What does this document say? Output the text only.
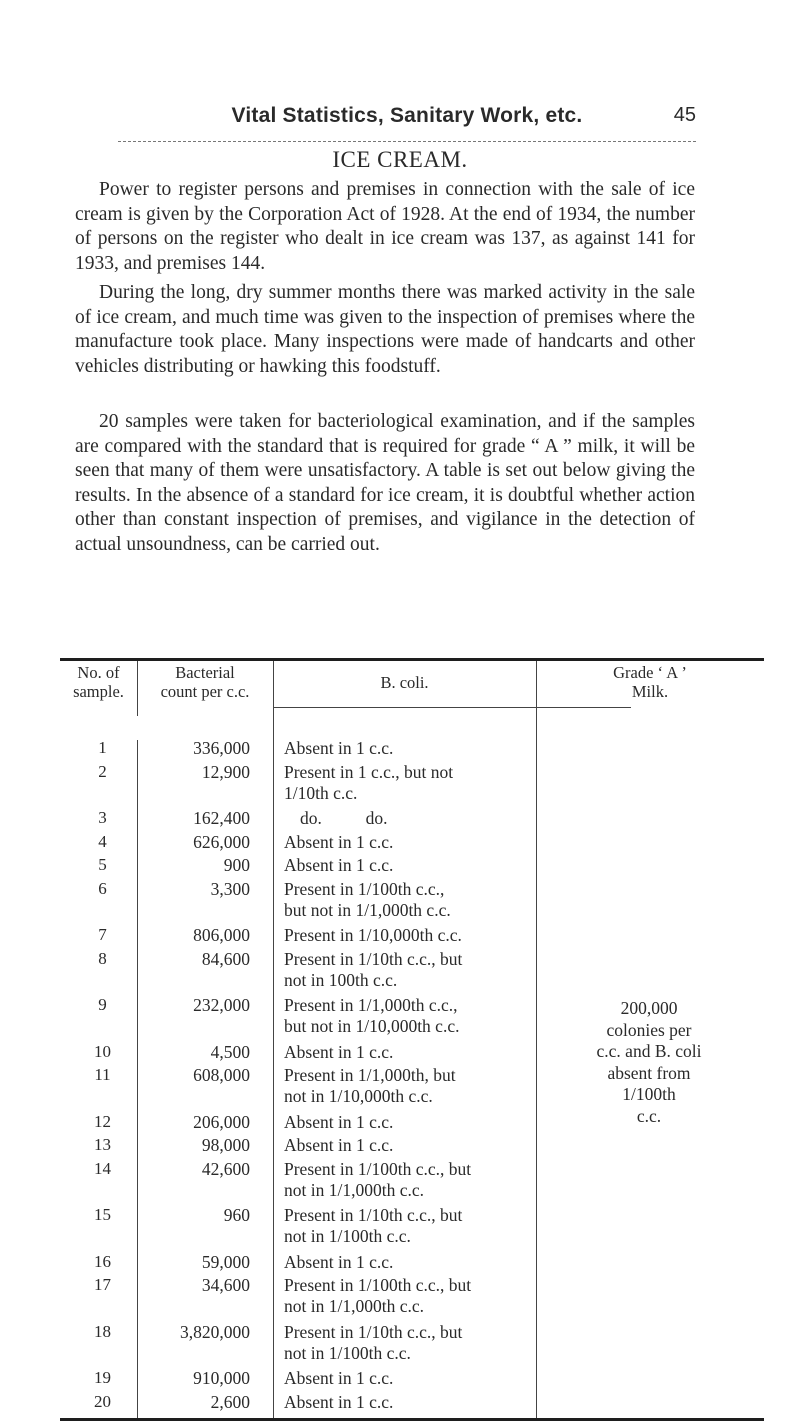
Vital Statistics, Sanitary Work, etc.	45
ICE CREAM.

Power to register persons and premises in connection with the sale of ice cream is given by the Corporation Act of 1928. At the end of 1934, the number of persons on the register who dealt in ice cream was 137, as against 141 for 1933, and premises 144.

During the long, dry summer months there was marked activity in the sale of ice cream, and much time was given to the inspection of premises where the manufacture took place. Many inspections were made of handcarts and other vehicles distributing or hawking this foodstuff.

20 samples were taken for bacteriological examination, and if the samples are compared with the standard that is required for grade “ A ” milk, it will be seen that many of them were unsatisfactory. A table is set out below giving the results. In the absence of a standard for ice cream, it is doubtful whether action other than constant inspection of premises, and vigilance in the detection of actual unsoundness, can be carried out.

No. of
sample.
Bacterial
count per c.c.	B. coli.
Grade ‘ A ’
Milk.
200,000
colonies per
c.c. and B. coli
absent from
1/100th
c.c.
1	336,000 Absent in 1 c.c.
2	12,900 Present in 1 c.c., but not
1/10th c.c.
3	162,400	do.          do.
4	626,000 Absent in 1 c.c.
5	900 Absent in 1 c.c.
6	3,300 Present in 1/100th c.c.,
but not in 1/1,000th c.c.
7	806,000 Present in 1/10,000th c.c.
8	84,600 Present in 1/10th c.c., but
not in 100th c.c.
9	232,000 Present in 1/1,000th c.c.,
but not in 1/10,000th c.c.
10	4,500 Absent in 1 c.c.
11	608,000 Present in 1/1,000th, but
not in 1/10,000th c.c.
12	206,000 Absent in 1 c.c.
13	98,000 Absent in 1 c.c.
14	42,600 Present in 1/100th c.c., but
not in 1/1,000th c.c.
15	960 Present in 1/10th c.c., but
not in 1/100th c.c.
16	59,000 Absent in 1 c.c.
17	34,600 Present in 1/100th c.c., but
not in 1/1,000th c.c.
18	3,820,000 Present in 1/10th c.c., but
not in 1/100th c.c.
19	910,000 Absent in 1 c.c.
20	2,600 Absent in 1 c.c.
